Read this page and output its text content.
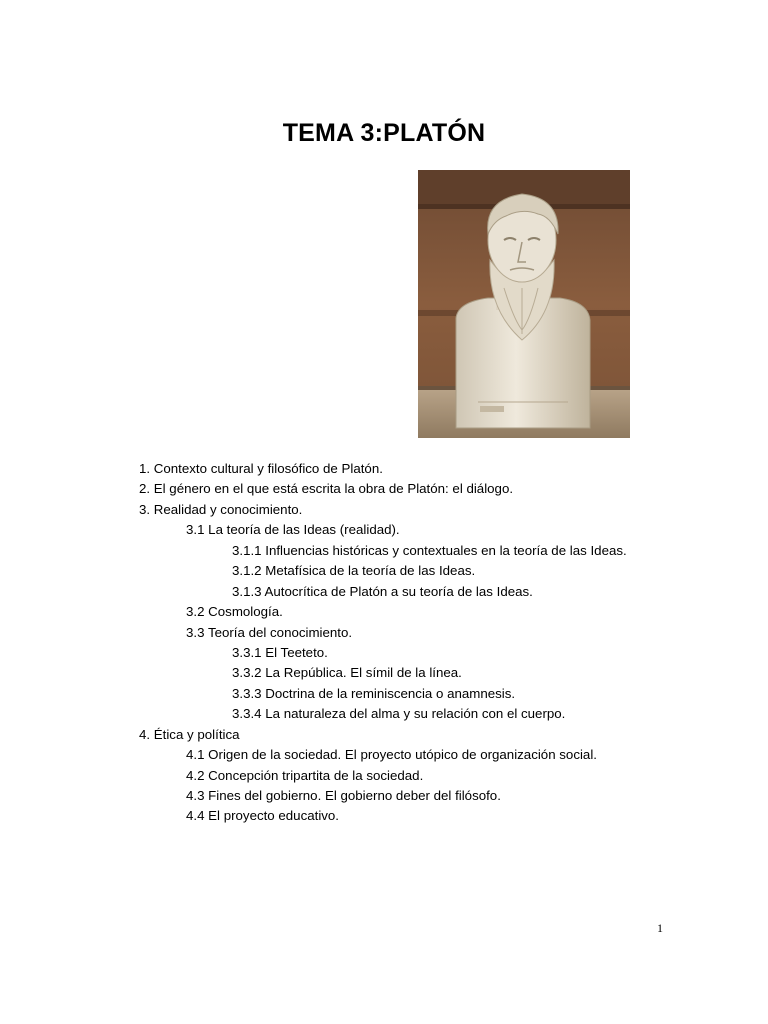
TEMA 3:PLATÓN
1. Contexto cultural y filosófico de Platón.
2. El género en el que está escrita la obra de Platón: el diálogo.
3. Realidad y conocimiento.
3.1 La teoría de las Ideas (realidad).
3.1.1 Influencias históricas y contextuales en la teoría de las Ideas.
3.1.2 Metafísica de la teoría de las Ideas.
3.1.3 Autocrítica de Platón a su teoría de las Ideas.
3.2 Cosmología.
3.3 Teoría del conocimiento.
3.3.1 El Teeteto.
3.3.2 La República. El símil de la línea.
3.3.3 Doctrina de la reminiscencia o anamnesis.
3.3.4 La naturaleza del alma y su relación con el cuerpo.
4. Ética y política
4.1 Origen de la sociedad. El proyecto utópico de organización social.
4.2 Concepción tripartita de la sociedad.
4.3 Fines del gobierno. El gobierno deber del filósofo.
4.4 El proyecto educativo.
1
